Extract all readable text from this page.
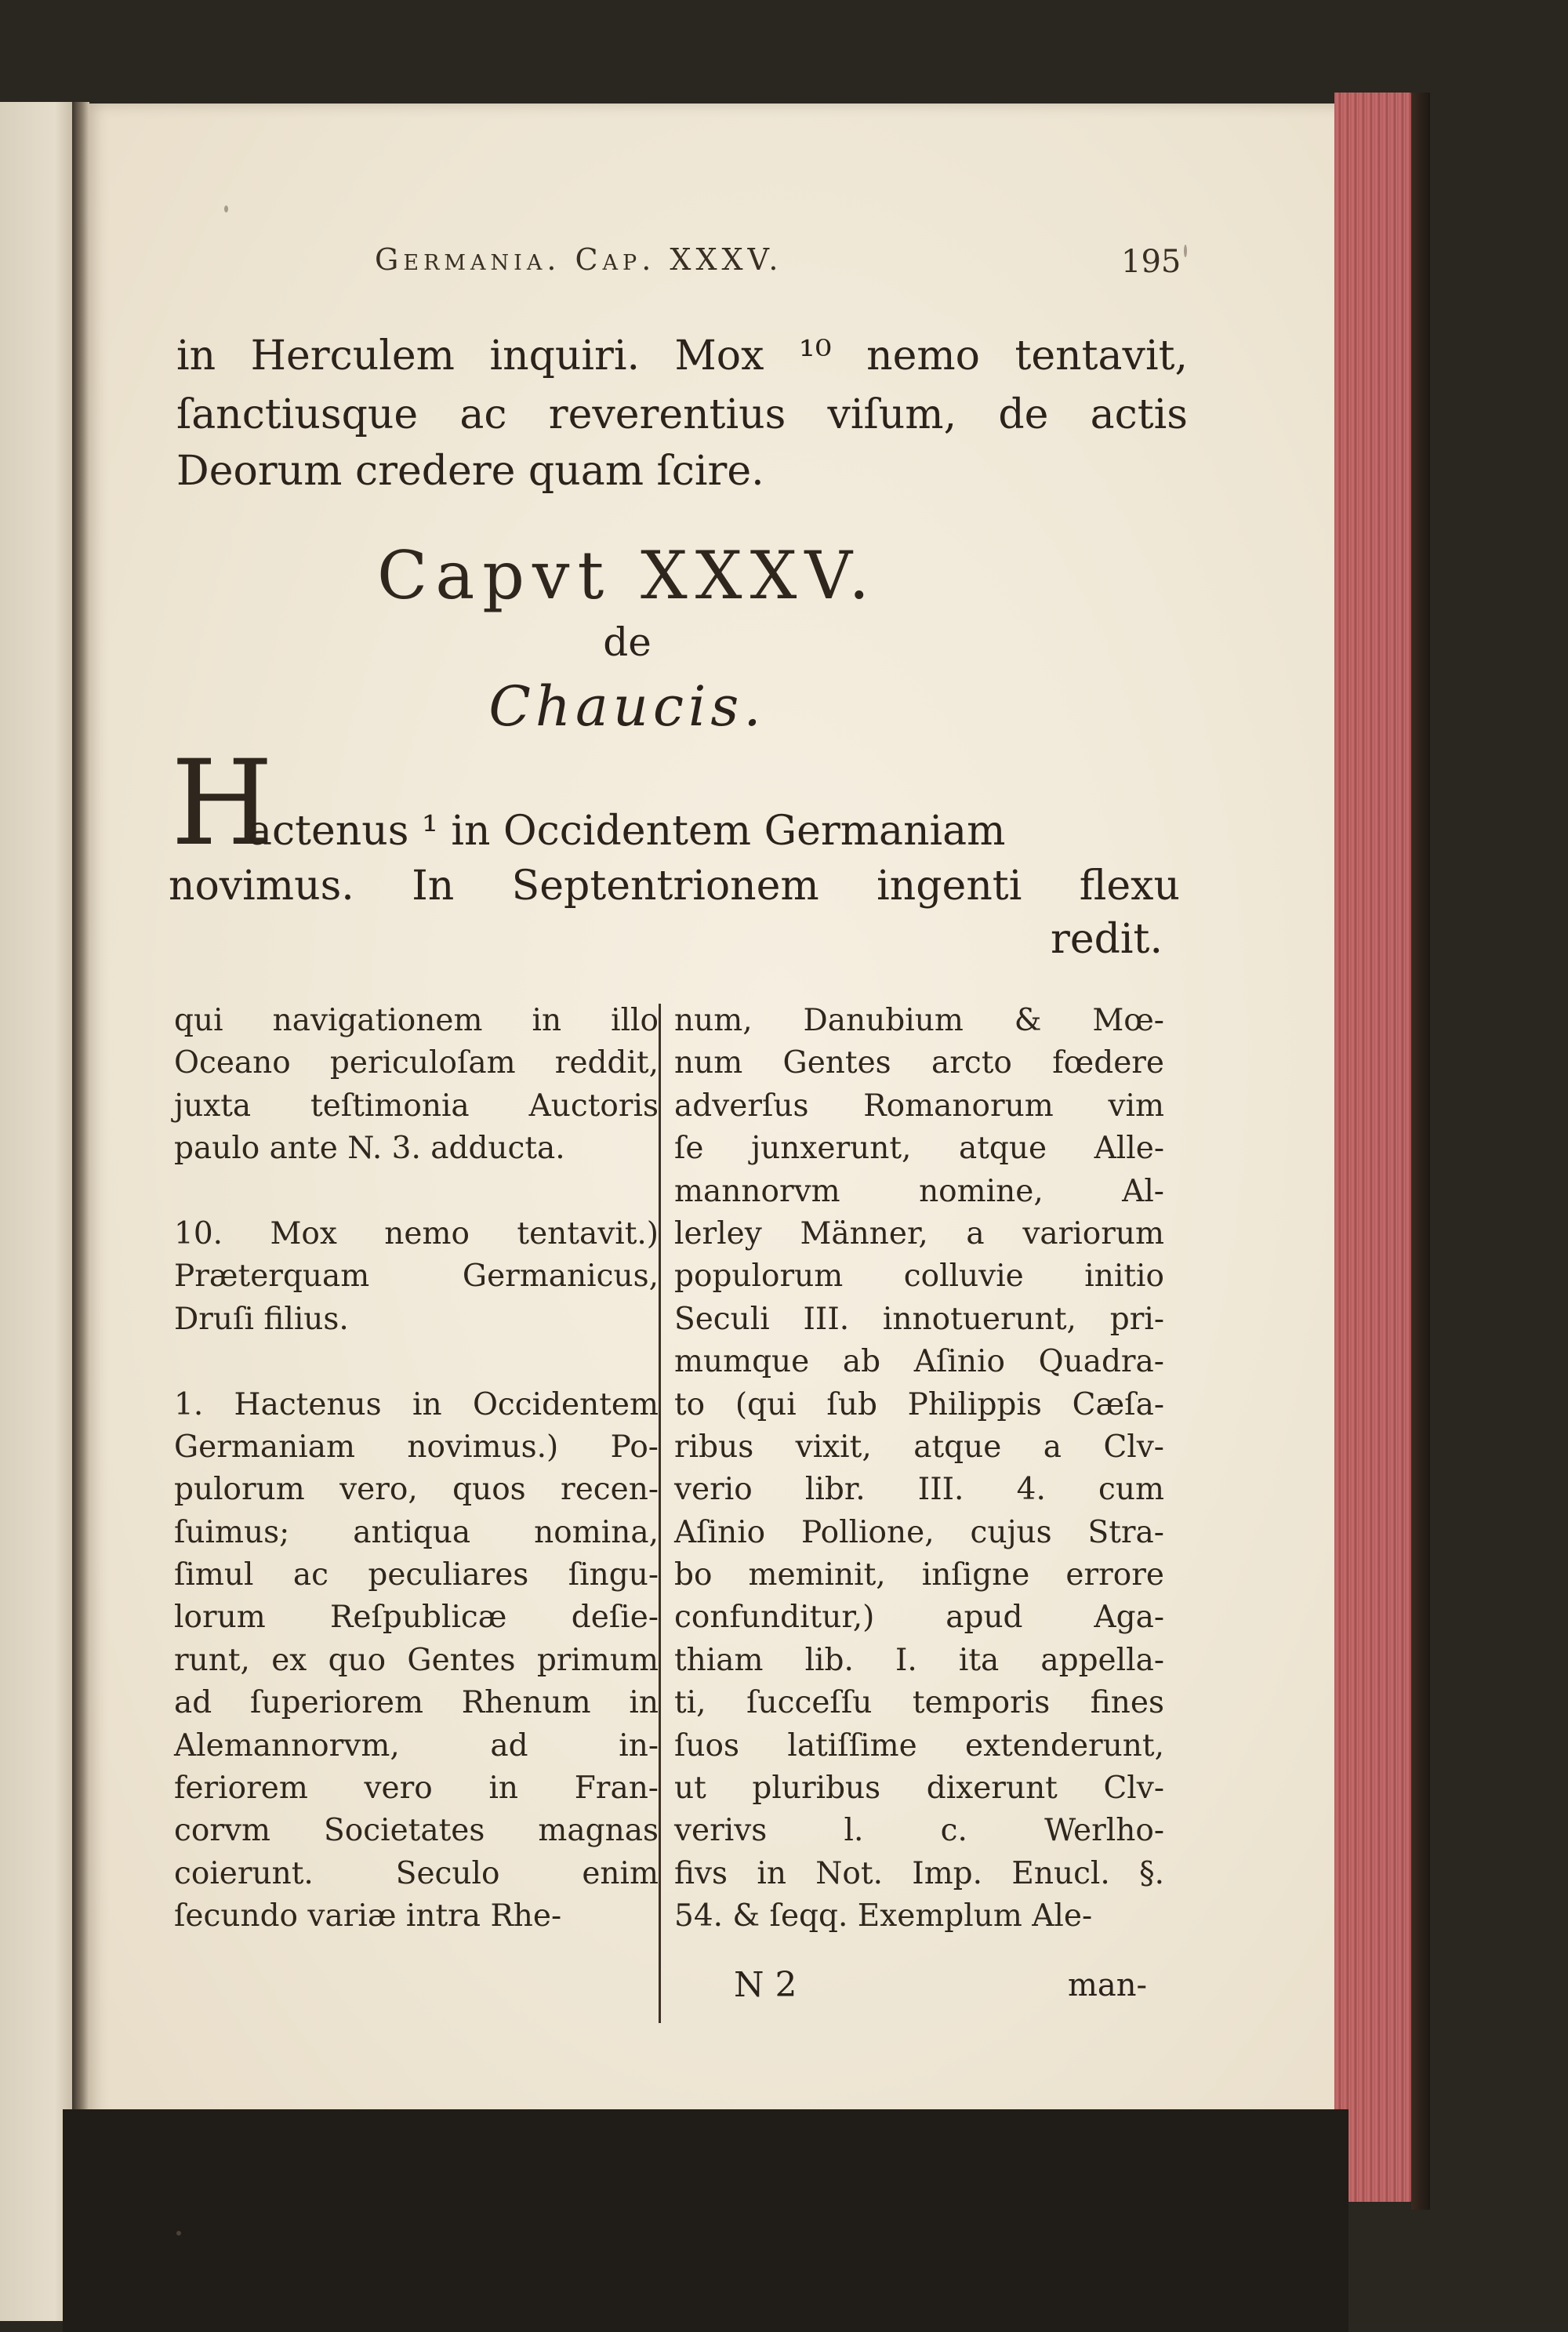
Germania. Cap. XXXV.	195
in Herculem inquiri. Mox ¹⁰ nemo tentavit,
ſanctiusque ac reverentius viſum, de actis
Deorum credere quam ſcire.
Capvt XXXV.
de
Chaucis.
H
actenus ¹ in Occidentem Germaniam
novimus. In Septentrionem ingenti flexu
redit.
qui navigationem in illo
Oceano periculoſam reddit,
juxta teſtimonia Auctoris
paulo ante N. 3. adducta.
10. Mox nemo tentavit.)
Præterquam Germanicus,
Druſi filius.
1. Hactenus in Occidentem
Germaniam novimus.) Po-
pulorum vero, quos recen-
ſuimus; antiqua nomina,
ſimul ac peculiares ſingu-
lorum Reſpublicæ deſie-
runt, ex quo Gentes primum
ad ſuperiorem Rhenum in
Alemannorvm, ad in-
feriorem vero in Fran-
corvm Societates magnas
coierunt. Seculo enim
ſecundo variæ intra Rhe-
num, Danubium & Mœ-
num Gentes arcto fœdere
adverſus Romanorum vim
ſe junxerunt, atque Alle-
mannorvm nomine, Al-
lerley Männer, a variorum
populorum colluvie initio
Seculi III. innotuerunt, pri-
mumque ab Aſinio Quadra-
to (qui ſub Philippis Cæſa-
ribus vixit, atque a Clv-
verio libr. III. 4. cum
Aſinio Pollione, cujus Stra-
bo meminit, inſigne errore
confunditur,) apud Aga-
thiam lib. I. ita appella-
ti, ſucceſſu temporis fines
ſuos latiſſime extenderunt,
ut pluribus dixerunt Clv-
verivs l. c. Werlho-
fivs in Not. Imp. Enucl. §.
54. & ſeqq. Exemplum Ale-
N 2	man-
